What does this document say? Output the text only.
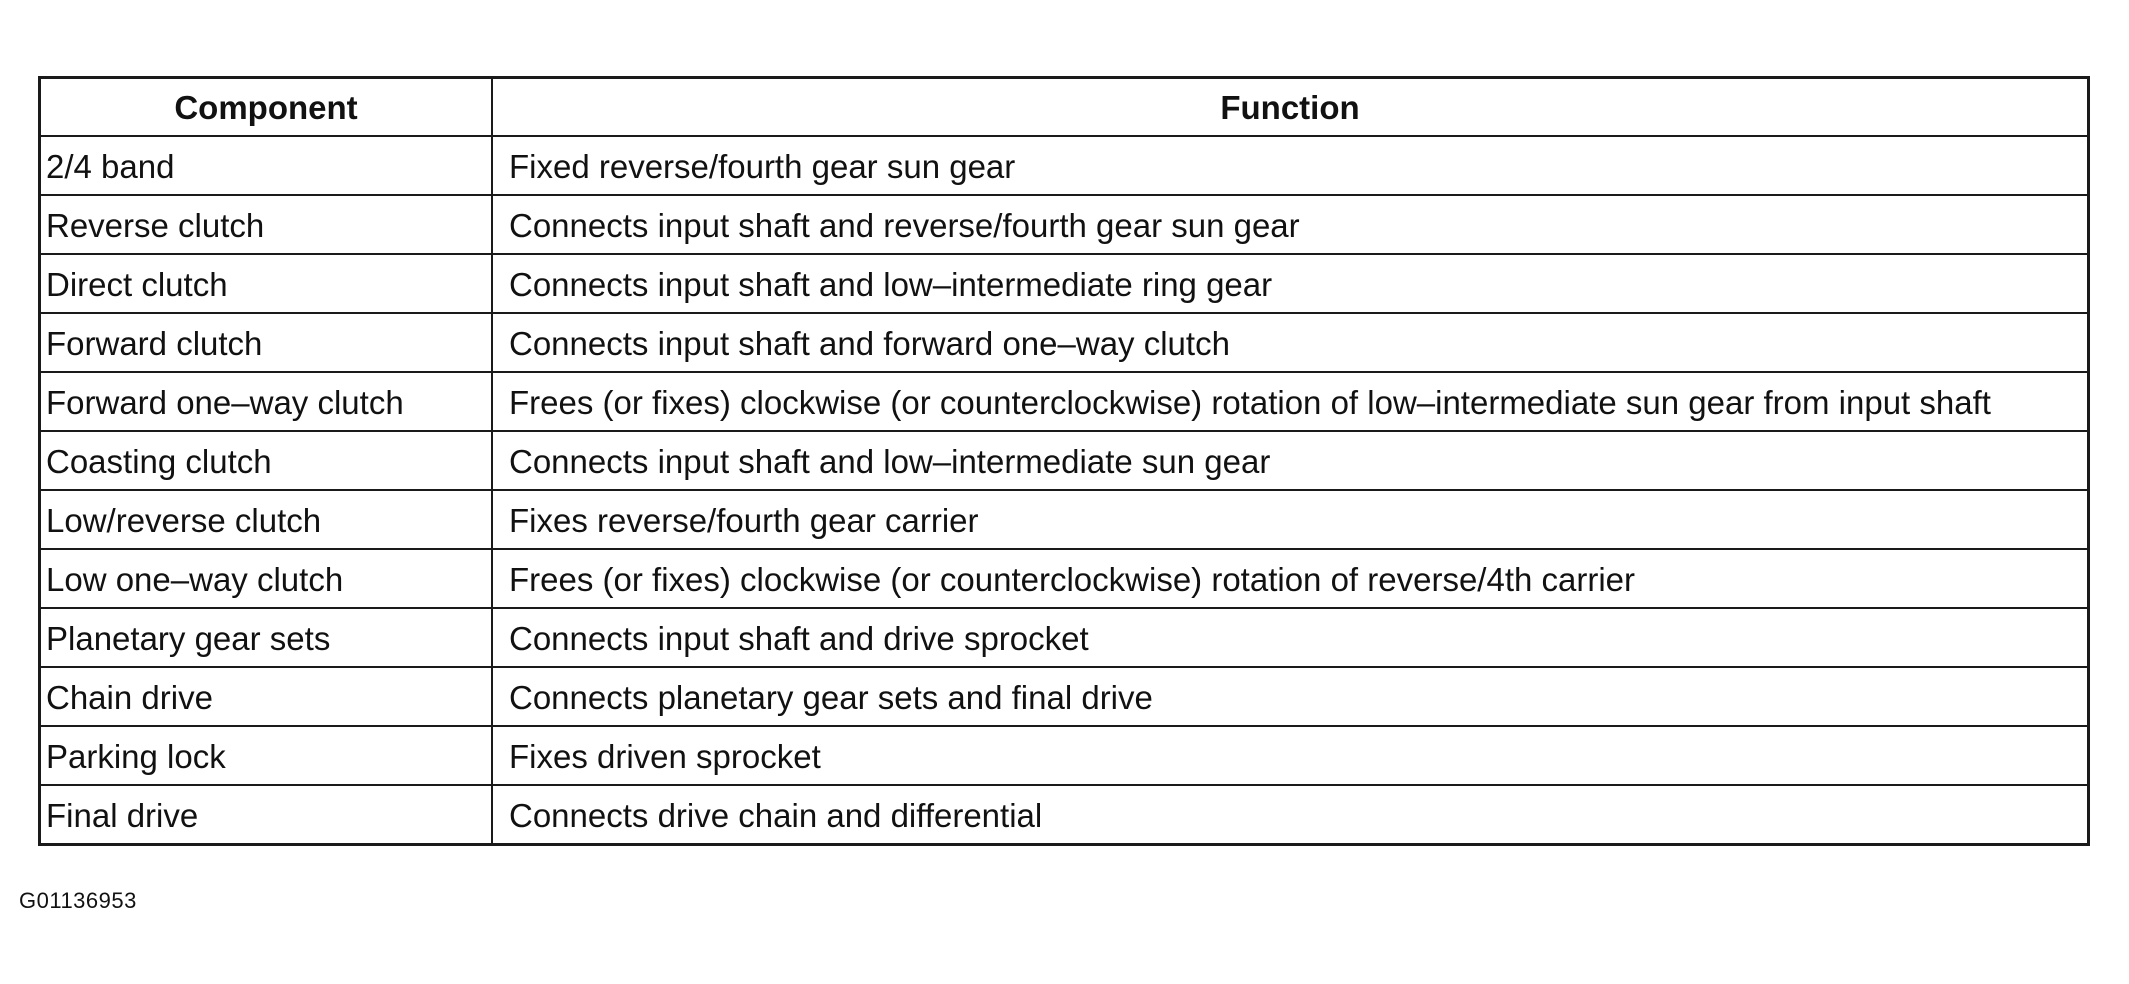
Component	Function
2/4 band	Fixed reverse/fourth gear sun gear
Reverse clutch	Connects input shaft and reverse/fourth gear sun gear
Direct clutch	Connects input shaft and low–intermediate ring gear
Forward clutch	Connects input shaft and forward one–way clutch
Forward one–way clutch	Frees (or fixes) clockwise (or counterclockwise) rotation of low–intermediate sun gear from input shaft
Coasting clutch	Connects input shaft and low–intermediate sun gear
Low/reverse clutch	Fixes reverse/fourth gear carrier
Low one–way clutch	Frees (or fixes) clockwise (or counterclockwise) rotation of reverse/4th carrier
Planetary gear sets	Connects input shaft and drive sprocket
Chain drive	Connects planetary gear sets and final drive
Parking lock	Fixes driven sprocket
Final drive	Connects drive chain and differential
G01136953
